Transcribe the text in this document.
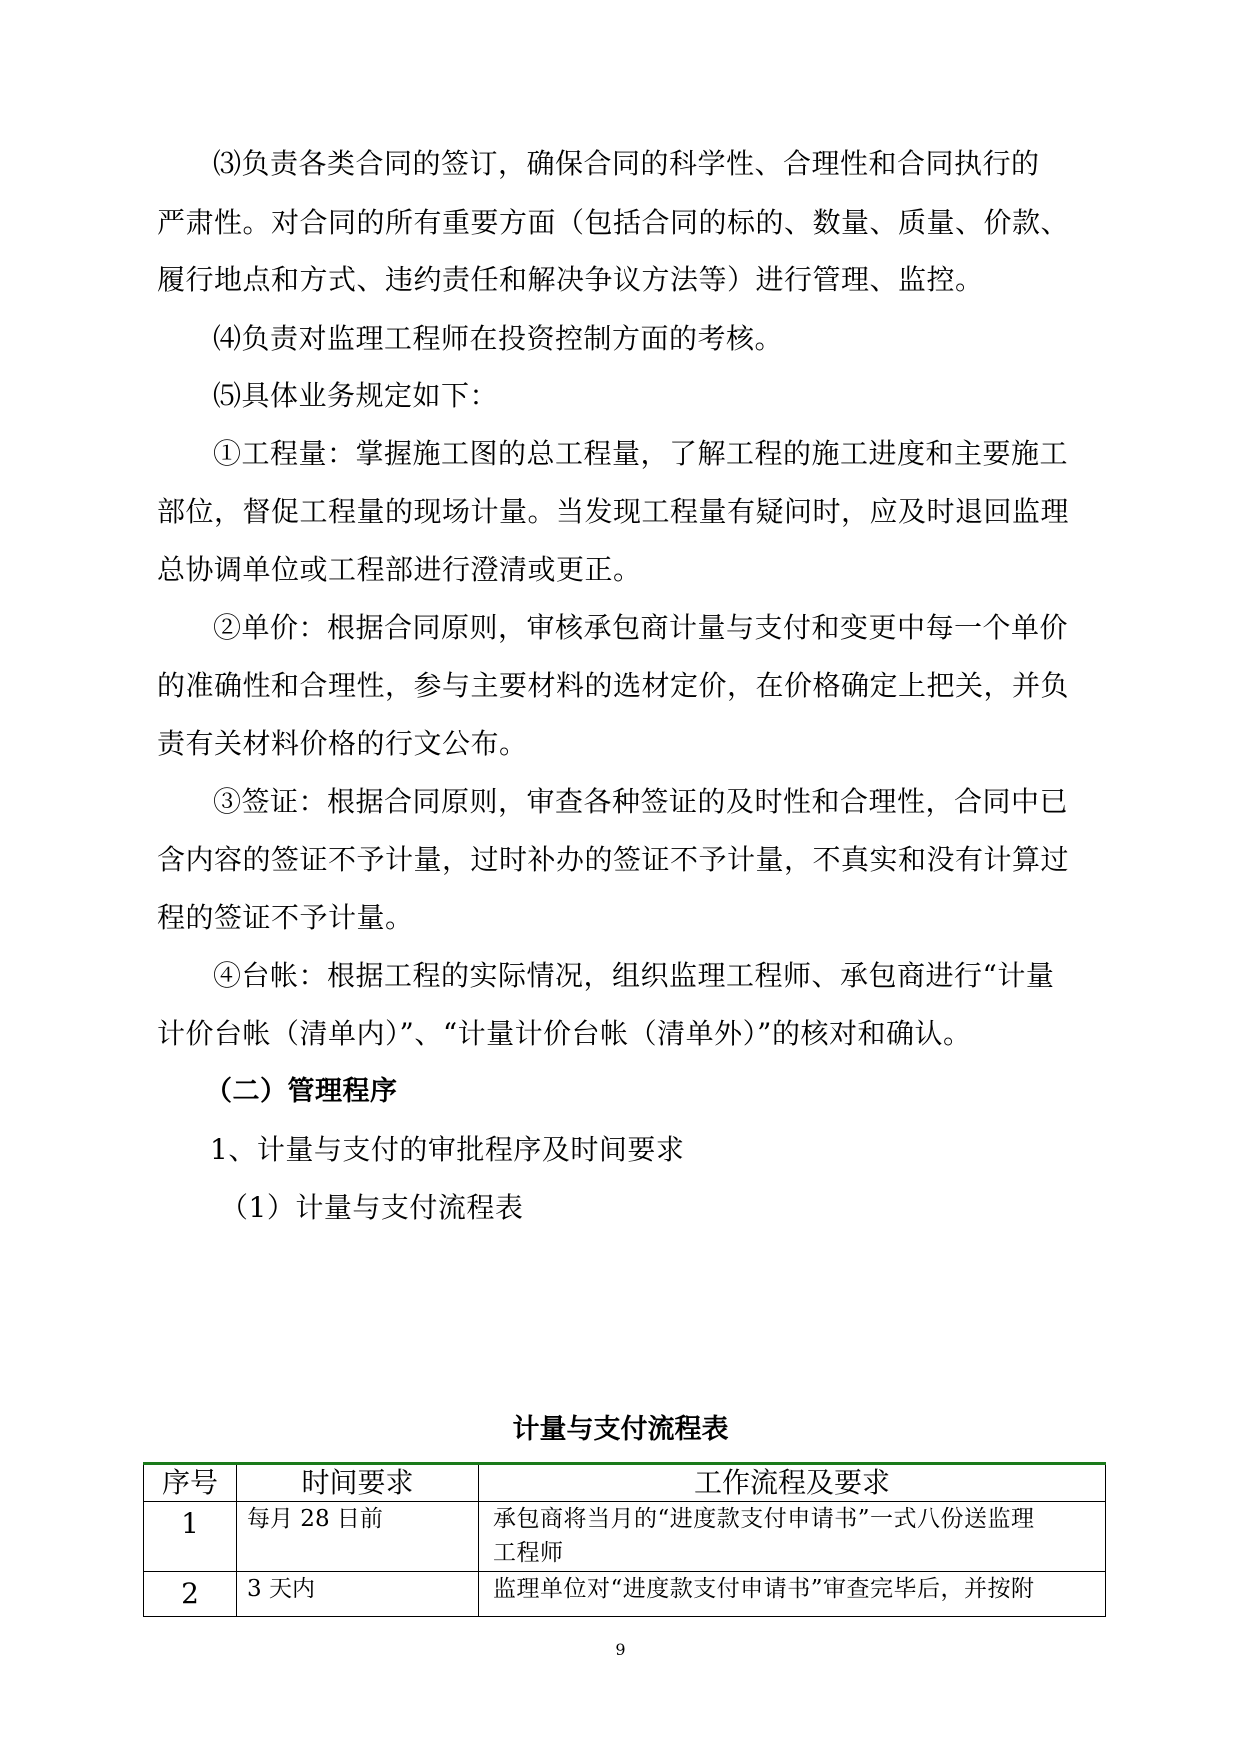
⑶负责各类合同的签订，确保合同的科学性、合理性和合同执行的
严肃性。对合同的所有重要方面（包括合同的标的、数量、质量、价款、
履行地点和方式、违约责任和解决争议方法等）进行管理、监控。
⑷负责对监理工程师在投资控制方面的考核。
⑸具体业务规定如下：
①工程量：掌握施工图的总工程量，了解工程的施工进度和主要施工
部位，督促工程量的现场计量。当发现工程量有疑问时，应及时退回监理
总协调单位或工程部进行澄清或更正。
②单价：根据合同原则，审核承包商计量与支付和变更中每一个单价
的准确性和合理性，参与主要材料的选材定价，在价格确定上把关，并负
责有关材料价格的行文公布。
③签证：根据合同原则，审查各种签证的及时性和合理性，合同中已
含内容的签证不予计量，过时补办的签证不予计量，不真实和没有计算过
程的签证不予计量。
④台帐：根据工程的实际情况，组织监理工程师、承包商进行“计量
计价台帐（清单内）”、“计量计价台帐（清单外）”的核对和确认。
（二）管理程序
1、计量与支付的审批程序及时间要求
（1）计量与支付流程表
计量与支付流程表
序号	时间要求	工作流程及要求
1	每月 28 日前	承包商将当月的“进度款支付申请书”一式八份送监理
工程师

2	3 天内	监理单位对“进度款支付申请书”审查完毕后，并按附
9
